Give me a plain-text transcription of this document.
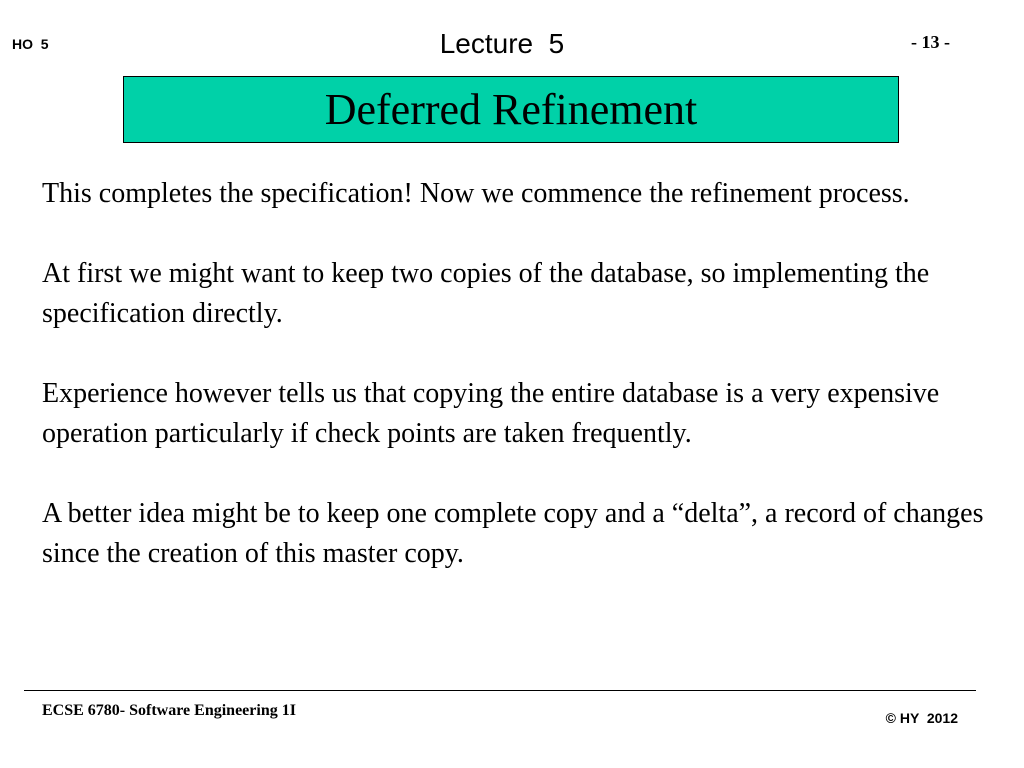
HO  5	Lecture  5	- 13 -
Deferred Refinement

This completes the specification! Now we commence the refinement process.

At first we might want to keep two copies of the database, so implementing the specification directly.

Experience however tells us that copying the entire database is a very expensive operation particularly if check points are taken frequently.

A better idea might be to keep one complete copy and a “delta”, a record of changes since the creation of this master copy.

ECSE 6780- Software Engineering 1I	© HY  2012
